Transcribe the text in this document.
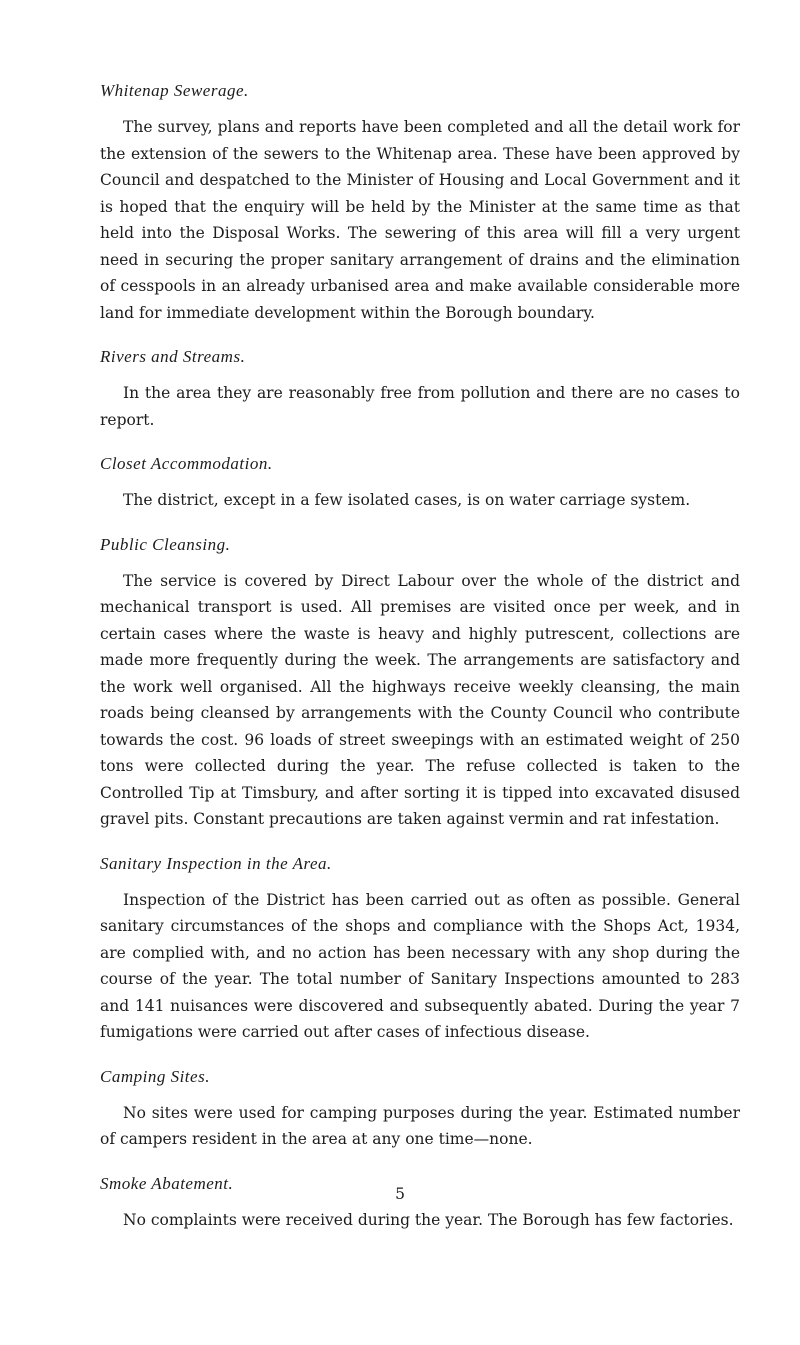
Whitenap Sewerage.

The survey, plans and reports have been completed and all the detail work for the extension of the sewers to the Whitenap area. These have been approved by Council and despatched to the Minister of Housing and Local Government and it is hoped that the enquiry will be held by the Minister at the same time as that held into the Disposal Works. The sewering of this area will fill a very urgent need in securing the proper sanitary arrangement of drains and the elimination of cesspools in an already urbanised area and make available considerable more land for immediate development within the Borough boundary.

Rivers and Streams.

In the area they are reasonably free from pollution and there are no cases to report.

Closet Accommodation.

The district, except in a few isolated cases, is on water carriage system.

Public Cleansing.

The service is covered by Direct Labour over the whole of the district and mechanical transport is used. All premises are visited once per week, and in certain cases where the waste is heavy and highly putrescent, collections are made more frequently during the week. The arrangements are satisfactory and the work well organised. All the highways receive weekly cleansing, the main roads being cleansed by arrangements with the County Council who contribute towards the cost. 96 loads of street sweepings with an estimated weight of 250 tons were collected during the year. The refuse collected is taken to the Controlled Tip at Timsbury, and after sorting it is tipped into excavated disused gravel pits. Constant precautions are taken against vermin and rat infestation.

Sanitary Inspection in the Area.

Inspection of the District has been carried out as often as possible. General sanitary circumstances of the shops and compliance with the Shops Act, 1934, are complied with, and no action has been necessary with any shop during the course of the year. The total number of Sanitary Inspections amounted to 283 and 141 nuisances were discovered and subsequently abated. During the year 7 fumigations were carried out after cases of infectious disease.

Camping Sites.

No sites were used for camping purposes during the year. Estimated number of campers resident in the area at any one time—none.

Smoke Abatement.

No complaints were received during the year. The Borough has few factories.

5
